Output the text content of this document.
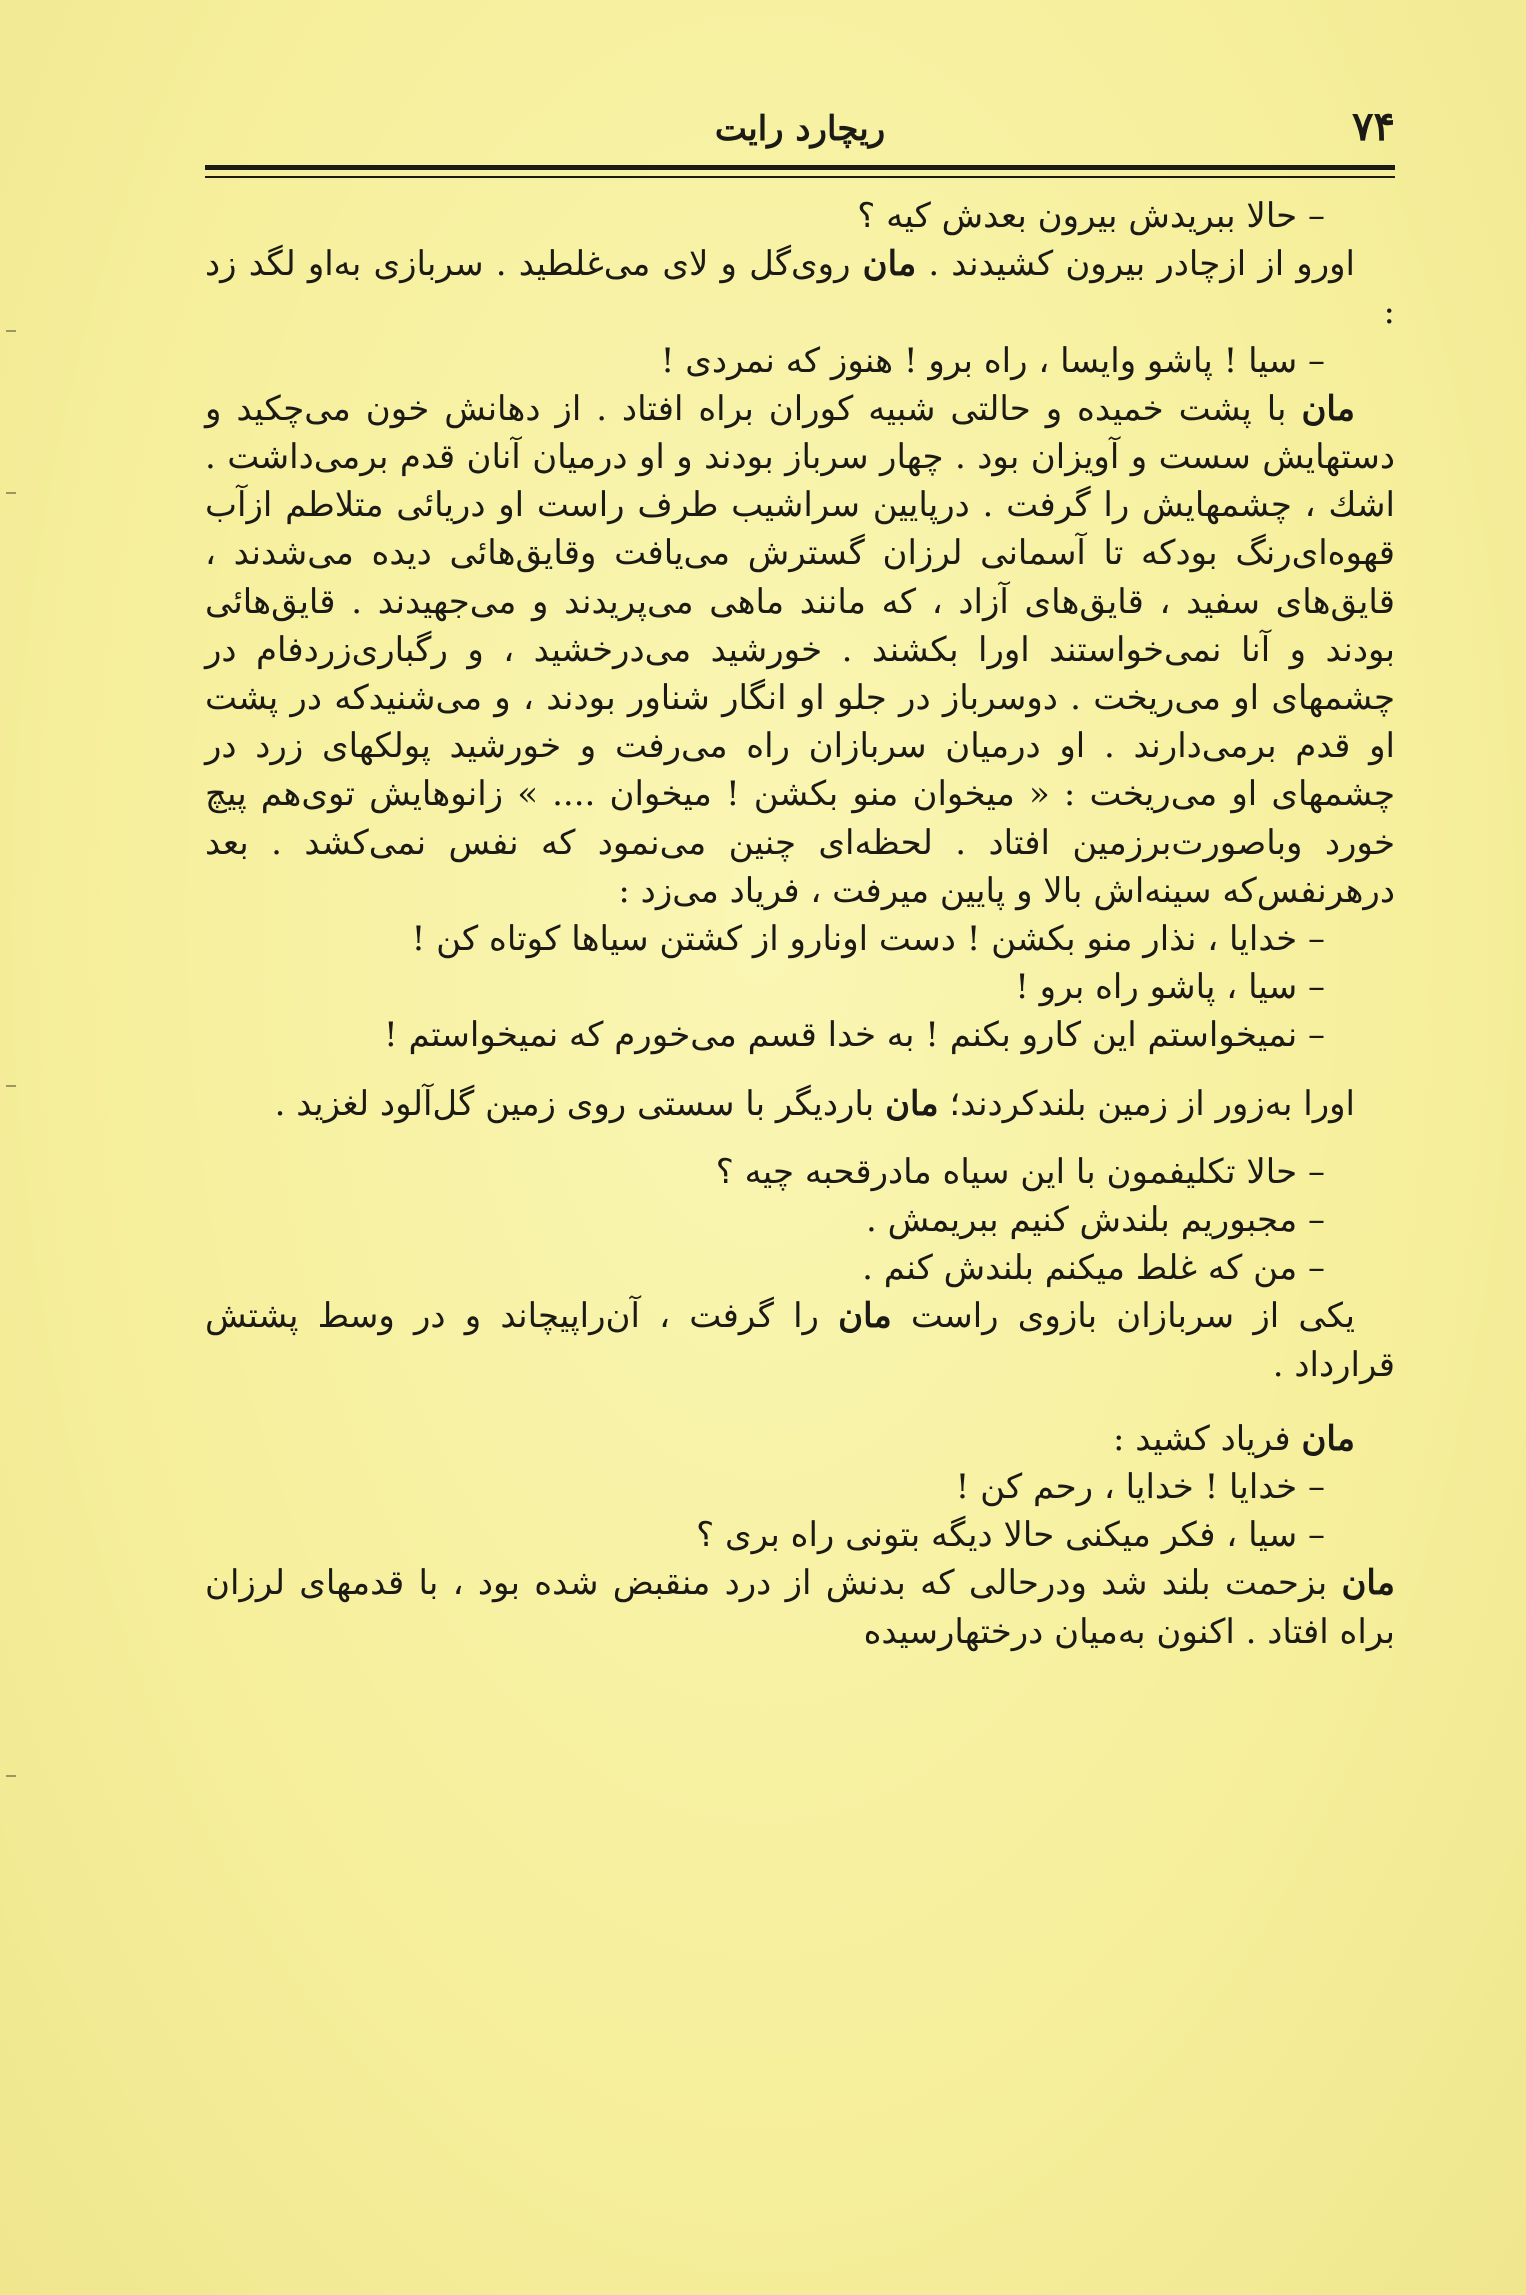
۷۴
ریچارد رایت

– حالا ببریدش بیرون بعدش کیه ؟

اورو از ازچادر بیرون کشیدند . مان روی‌گل و لای می‌غلطید . سربازی به‌او لگد زد :

– سیا ! پاشو وایسا ، راه برو ! هنوز که نمردی !

مان با پشت خمیده و حالتی شبیه کوران براه افتاد . از دهانش خون می‌چکید و دستهایش سست و آویزان بود . چهار سرباز بودند و او درمیان آنان قدم برمی‌داشت . اشك ، چشمهایش را گرفت . درپایین سراشیب طرف راست او دریائی متلاطم ازآب قهوه‌ای‌رنگ بودکه تا آسمانی لرزان گسترش می‌یافت وقایق‌هائی دیده می‌شدند ، قایق‌های سفید ، قایق‌های آزاد ، که مانند ماهی می‌پریدند و می‌جهیدند . قایق‌هائی بودند و آنا نمی‌خواستند اورا بکشند . خورشید می‌درخشید ، و رگباری‌زردفام در چشمهای او می‌ریخت . دوسرباز در جلو او انگار شناور بودند ، و می‌شنیدکه در پشت او قدم برمی‌دارند . او درمیان سربازان راه می‌رفت و خورشید پولکهای زرد در چشمهای او می‌ریخت : « میخوان منو بکشن ! میخوان .... » زانوهایش توی‌هم پیچ خورد وباصورت‌برزمین افتاد . لحظه‌ای چنین می‌نمود که نفس نمی‌کشد . بعد درهرنفس‌که سینه‌اش بالا و پایین میرفت ، فریاد می‌زد :

– خدایا ، نذار منو بکشن ! دست اونارو از کشتن سیاها کوتاه کن !

– سیا ، پاشو راه برو !

– نمیخواستم این کارو بکنم ! به خدا قسم می‌خورم که نمیخواستم !

اورا به‌زور از زمین بلندکردند؛ مان باردیگر با سستی روی زمین گل‌آلود لغزید .

– حالا تکلیفمون با این سیاه مادرقحبه چیه ؟

– مجبوریم بلندش کنیم ببریمش .

– من که غلط میکنم بلندش کنم .

یکی از سربازان بازوی راست مان را گرفت ، آن‌راپیچاند و در وسط پشتش قرارداد .

مان فریاد کشید :

– خدایا ! خدایا ، رحم کن !

– سیا ، فکر میکنی حالا دیگه بتونی راه بری ؟

مان بزحمت بلند شد ودرحالی که بدنش از درد منقبض شده بود ، با قدمهای لرزان براه افتاد . اکنون به‌میان درختهارسیده
